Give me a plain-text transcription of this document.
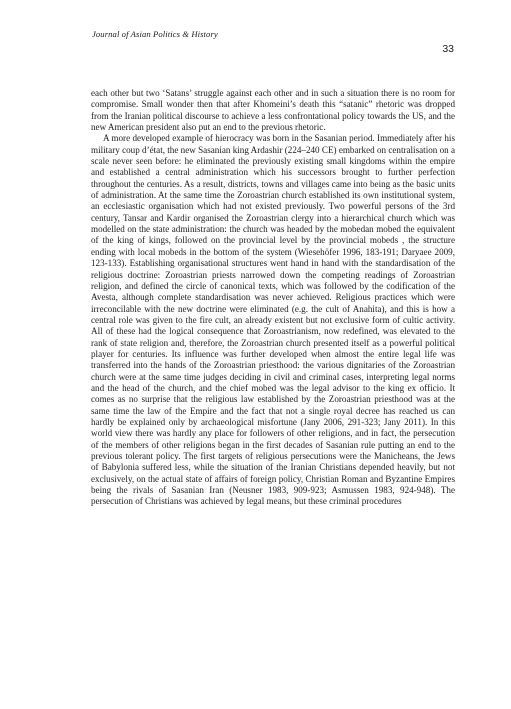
Journal of Asian Politics & History
33

each other but two ‘Satans’ struggle against each other and in such a situation there is no room for compromise. Small wonder then that after Khomeini’s death this “satanic” rhetoric was dropped from the Iranian political discourse to achieve a less confrontational policy towards the US, and the new American president also put an end to the previous rhetoric.

A more developed example of hierocracy was born in the Sasanian period. Immediately after his military coup d’état, the new Sasanian king Ardashir (224–240 CE) embarked on centralisation on a scale never seen before: he eliminated the previously existing small kingdoms within the empire and established a central administration which his successors brought to further perfection throughout the centuries. As a result, districts, towns and villages came into being as the basic units of administration. At the same time the Zoroastrian church established its own institutional system, an ecclesiastic organisation which had not existed previously. Two powerful persons of the 3rd century, Tansar and Kardir organised the Zoroastrian clergy into a hierarchical church which was modelled on the state administration: the church was headed by the mobedan mobed the equivalent of the king of kings, followed on the provincial level by the provincial mobeds , the structure ending with local mobeds in the bottom of the system (Wiesehöfer 1996, 183-191; Daryaee 2009, 123-133). Establishing organisational structures went hand in hand with the standardisation of the religious doctrine: Zoroastrian priests narrowed down the competing readings of Zoroastrian religion, and defined the circle of canonical texts, which was followed by the codification of the Avesta, although complete standardisation was never achieved. Religious practices which were irreconcilable with the new doctrine were eliminated (e.g. the cult of Anahita), and this is how a central role was given to the fire cult, an already existent but not exclusive form of cultic activity. All of these had the logical consequence that Zoroastrianism, now redefined, was elevated to the rank of state religion and, therefore, the Zoroastrian church presented itself as a powerful political player for centuries. Its influence was further developed when almost the entire legal life was transferred into the hands of the Zoroastrian priesthood: the various dignitaries of the Zoroastrian church were at the same time judges deciding in civil and criminal cases, interpreting legal norms and the head of the church, and the chief mobed was the legal advisor to the king ex officio. It comes as no surprise that the religious law established by the Zoroastrian priesthood was at the same time the law of the Empire and the fact that not a single royal decree has reached us can hardly be explained only by archaeological misfortune (Jany 2006, 291-323; Jany 2011). In this world view there was hardly any place for followers of other religions, and in fact, the persecution of the members of other religions began in the first decades of Sasanian rule putting an end to the previous tolerant policy. The first targets of religious persecutions were the Manicheans, the Jews of Babylonia suffered less, while the situation of the Iranian Christians depended heavily, but not exclusively, on the actual state of affairs of foreign policy, Christian Roman and Byzantine Empires being the rivals of Sasanian Iran (Neusner 1983, 909-923; Asmussen 1983, 924-948). The persecution of Christians was achieved by legal means, but these criminal procedures
